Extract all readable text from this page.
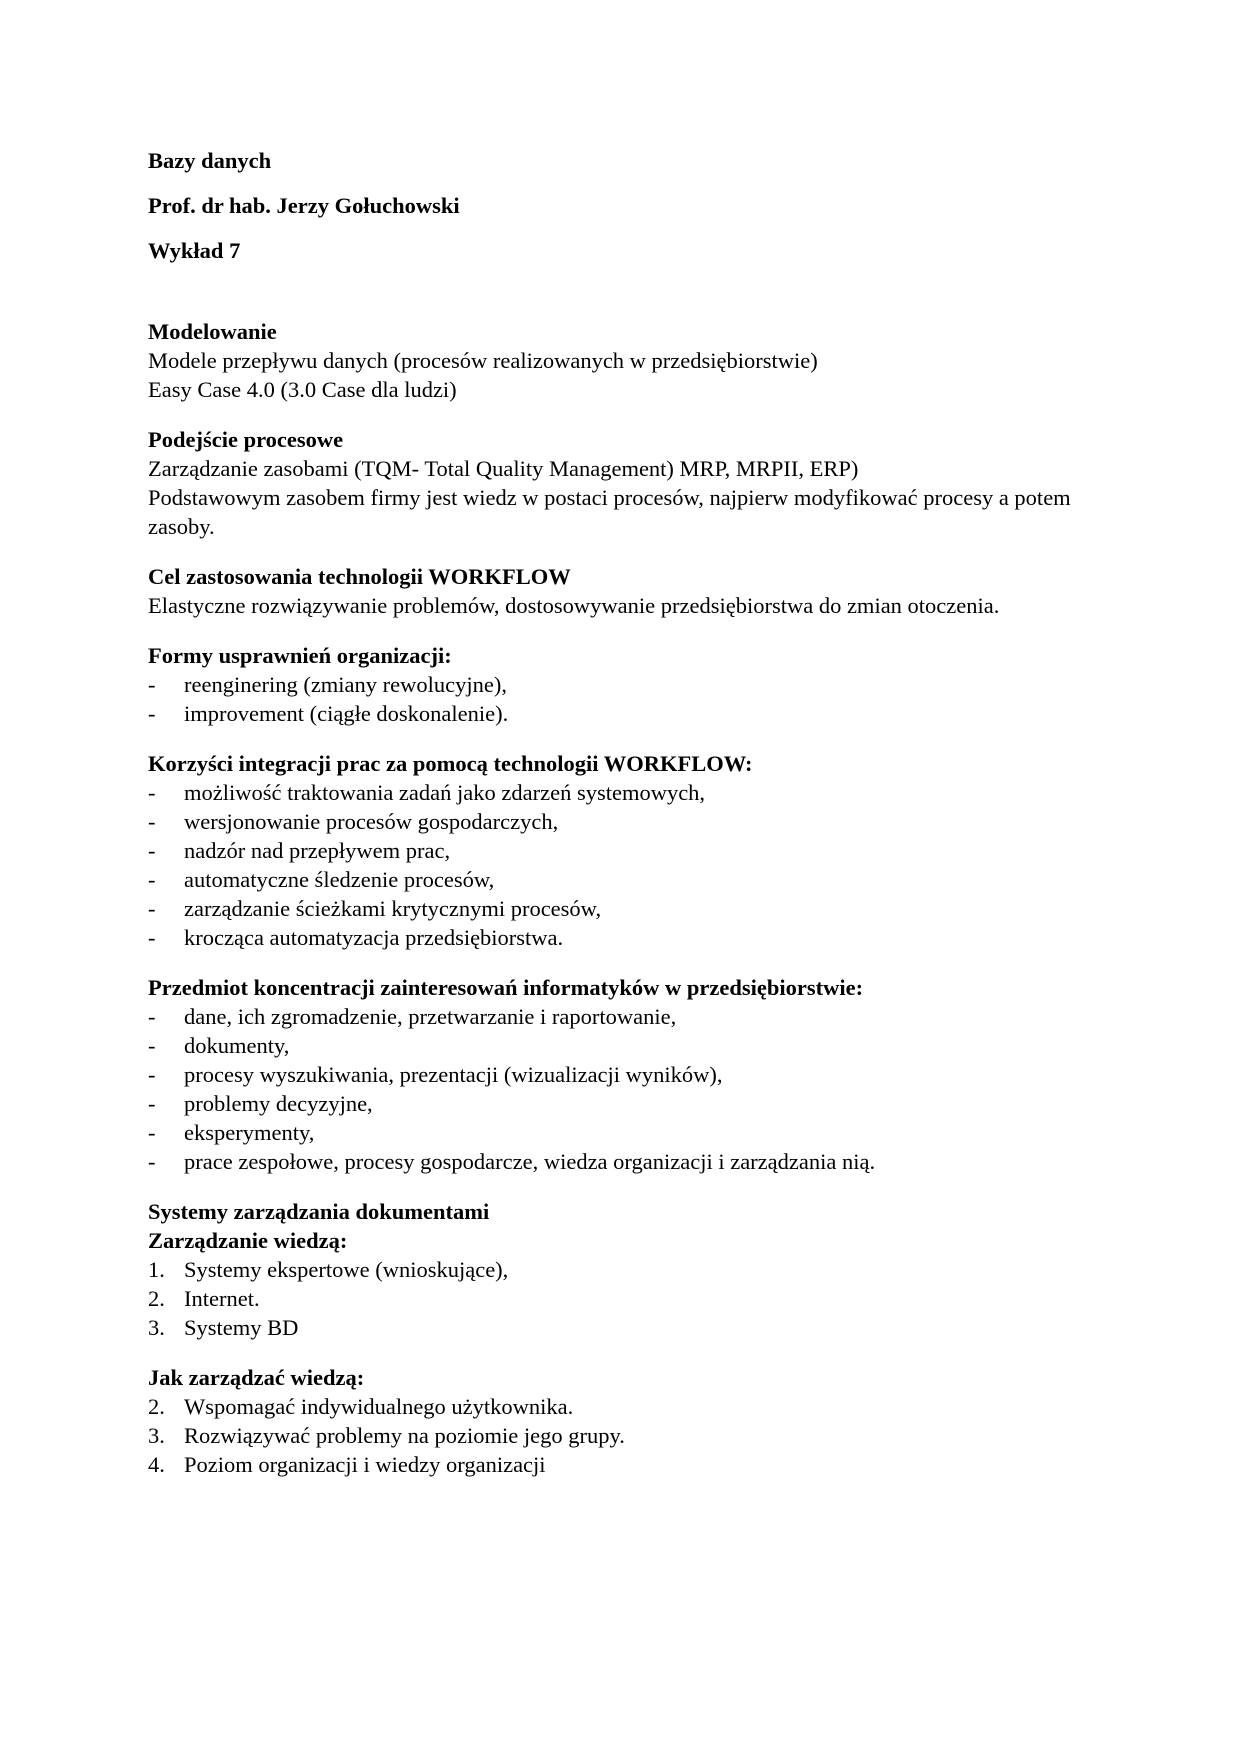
Bazy danych

Prof. dr hab. Jerzy Gołuchowski

Wykład 7

Modelowanie

Modele przepływu danych (procesów realizowanych w przedsiębiorstwie)

Easy Case 4.0 (3.0 Case dla ludzi)

Podejście procesowe

Zarządzanie zasobami (TQM- Total Quality Management) MRP, MRPII, ERP)

Podstawowym zasobem firmy jest wiedz w postaci procesów, najpierw modyfikować procesy a potem zasoby.

Cel zastosowania technologii WORKFLOW

Elastyczne rozwiązywanie problemów, dostosowywanie przedsiębiorstwa do zmian otoczenia.

Formy usprawnień organizacji:

- reenginering (zmiany rewolucyjne),
- improvement (ciągłe doskonalenie).

Korzyści integracji prac za pomocą technologii WORKFLOW:

- możliwość traktowania zadań jako zdarzeń systemowych,
- wersjonowanie procesów gospodarczych,
- nadzór nad przepływem prac,
- automatyczne śledzenie procesów,
- zarządzanie ścieżkami krytycznymi procesów,
- krocząca automatyzacja przedsiębiorstwa.

Przedmiot koncentracji zainteresowań informatyków w przedsiębiorstwie:

- dane, ich zgromadzenie, przetwarzanie i raportowanie,
- dokumenty,
- procesy wyszukiwania, prezentacji (wizualizacji wyników),
- problemy decyzyjne,
- eksperymenty,
- prace zespołowe, procesy gospodarcze, wiedza organizacji i zarządzania nią.

Systemy zarządzania dokumentami

Zarządzanie wiedzą:

1. Systemy ekspertowe (wnioskujące),
2. Internet.
3. Systemy BD

Jak zarządzać wiedzą:

2. Wspomagać indywidualnego użytkownika.
3. Rozwiązywać problemy na poziomie jego grupy.
4. Poziom organizacji i wiedzy organizacji
